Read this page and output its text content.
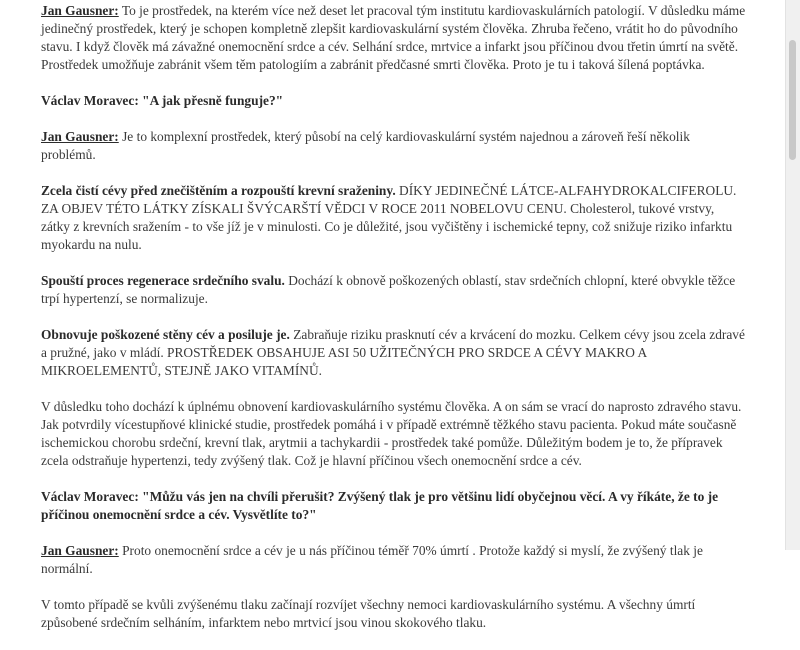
Jan Gausner: To je prostředek, na kterém více než deset let pracoval tým institutu kardiovaskulárních patologií. V důsledku máme jedinečný prostředek, který je schopen kompletně zlepšit kardiovaskulární systém člověka. Zhruba řečeno, vrátit ho do původního stavu. I když člověk má závažné onemocnění srdce a cév. Selhání srdce, mrtvice a infarkt jsou příčinou dvou třetin úmrtí na světě. Prostředek umožňuje zabránit všem těm patologiím a zabránit předčasné smrti člověka. Proto je tu i taková šílená poptávka.

Václav Moravec: "A jak přesně funguje?"

Jan Gausner: Je to komplexní prostředek, který působí na celý kardiovaskulární systém najednou a zároveň řeší několik problémů.

Zcela čistí cévy před znečištěním a rozpouští krevní sraženiny. DÍKY JEDINEČNÉ LÁTCE-ALFAHYDROKALCIFEROLU. ZA OBJEV TÉTO LÁTKY ZÍSKALI ŠVÝCARŠTÍ VĚDCI V ROCE 2011 NOBELOVU CENU. Cholesterol, tukové vrstvy, zátky z krevních sražením - to vše jíž je v minulosti. Co je důležité, jsou vyčištěny i ischemické tepny, což snižuje riziko infarktu myokardu na nulu.

Spouští proces regenerace srdečního svalu. Dochází k obnově poškozených oblastí, stav srdečních chlopní, které obvykle těžce trpí hypertenzí, se normalizuje.

Obnovuje poškozené stěny cév a posiluje je. Zabraňuje riziku prasknutí cév a krvácení do mozku. Celkem cévy jsou zcela zdravé a pružné, jako v mládí. PROSTŘEDEK OBSAHUJE ASI 50 UŽITEČNÝCH PRO SRDCE A CÉVY MAKRO A MIKROELEMENTŮ, STEJNĚ JAKO VITAMÍNŮ.

V důsledku toho dochází k úplnému obnovení kardiovaskulárního systému člověka. A on sám se vrací do naprosto zdravého stavu. Jak potvrdily vícestupňové klinické studie, prostředek pomáhá i v případě extrémně těžkého stavu pacienta. Pokud máte současně ischemickou chorobu srdeční, krevní tlak, arytmii a tachykardii - prostředek také pomůže. Důležitým bodem je to, že přípravek zcela odstraňuje hypertenzi, tedy zvýšený tlak. Což je hlavní příčinou všech onemocnění srdce a cév.

Václav Moravec: "Můžu vás jen na chvíli přerušit? Zvýšený tlak je pro většinu lidí obyčejnou věcí. A vy říkáte, že to je příčinou onemocnění srdce a cév. Vysvětlíte to?"

Jan Gausner: Proto onemocnění srdce a cév je u nás příčinou téměř 70% úmrtí . Protože každý si myslí, že zvýšený tlak je normální.

V tomto případě se kvůli zvýšenému tlaku začínají rozvíjet všechny nemoci kardiovaskulárního systému. A všechny úmrtí způsobené srdečním selháním, infarktem nebo mrtvicí jsou vinou skokového tlaku.
